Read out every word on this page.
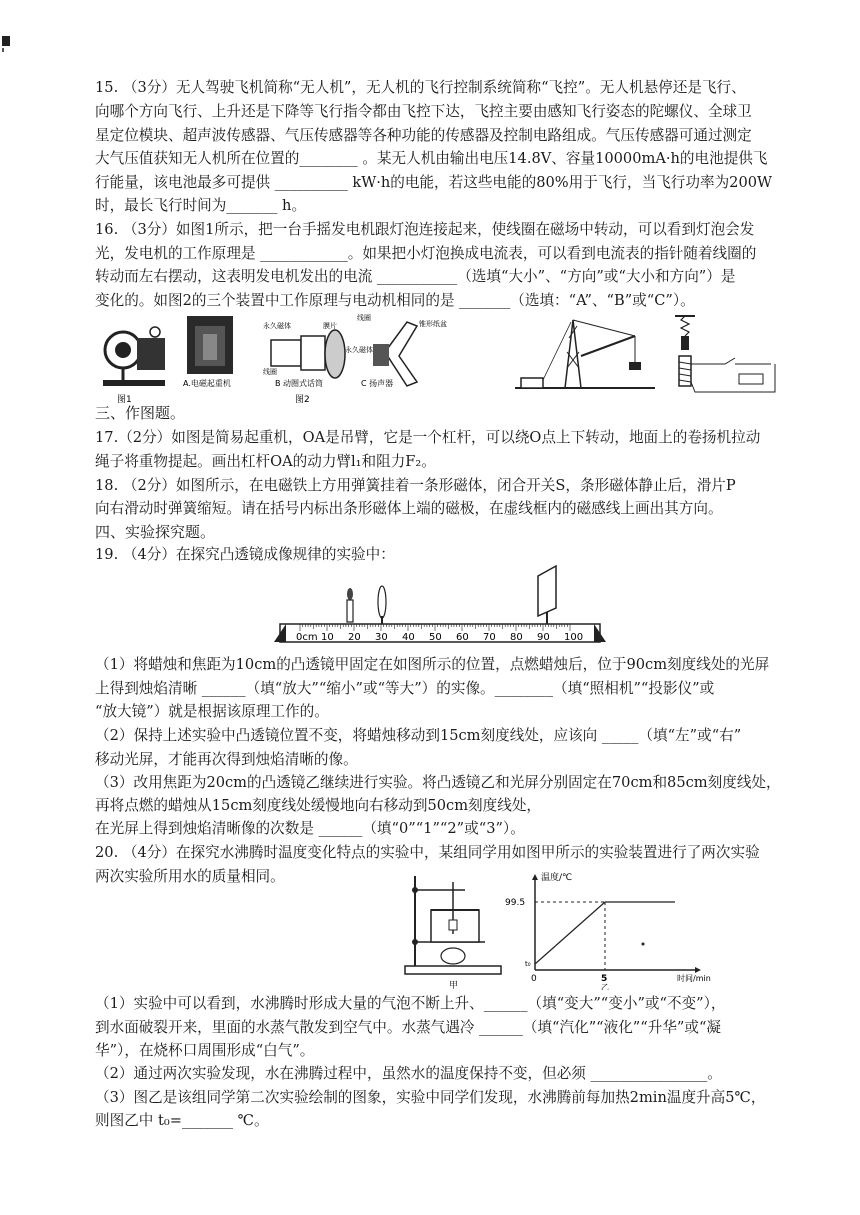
15. （3分）无人驾驶飞机简称“无人机”，无人机的飞行控制系统简称“飞控”。无人机悬停还是飞行、
向哪个方向飞行、上升还是下降等飞行指令都由飞控下达，飞控主要由感知飞行姿态的陀螺仪、全球卫
星定位模块、超声波传感器、气压传感器等各种功能的传感器及控制电路组成。气压传感器可通过测定
大气压值获知无人机所在位置的________ 。某无人机由输出电压14.8V、容量10000mA·h的电池提供飞
行能量，该电池最多可提供 __________ kW·h的电能，若这些电能的80%用于飞行，当飞行功率为200W
时，最长飞行时间为_______ h。
16. （3分）如图1所示，把一台手摇发电机跟灯泡连接起来，使线圈在磁场中转动，可以看到灯泡会发
光，发电机的工作原理是 ____________。如果把小灯泡换成电流表，可以看到电流表的指针随着线圈的
转动而左右摆动，这表明发电机发出的电流 ___________（选填“大小”、“方向”或“大小和方向”）是
变化的。如图2的三个装置中工作原理与电动机相同的是 _______（选填：“A”、“B”或“C”）。
图1
A.电磁起重机
永久磁体
线圈
膜片
B 动圈式话筒
图2
线圈
锥形纸盆
永久磁体
C 扬声器
三、作图题。
17.（2分）如图是简易起重机，OA是吊臂，它是一个杠杆，可以绕O点上下转动，地面上的卷扬机拉动
绳子将重物提起。画出杠杆OA的动力臂l₁和阻力F₂。
18. （2分）如图所示，在电磁铁上方用弹簧挂着一条形磁体，闭合开关S，条形磁体静止后，滑片P
向右滑动时弹簧缩短。请在括号内标出条形磁体上端的磁极，在虚线框内的磁感线上画出其方向。
四、实验探究题。
19. （4分）在探究凸透镜成像规律的实验中：
0cm 10 20 30 40 50 60 70 80 90 100
（1）将蜡烛和焦距为10cm的凸透镜甲固定在如图所示的位置，点燃蜡烛后，位于90cm刻度线处的光屏
上得到烛焰清晰 ______（填“放大”“缩小”或“等大”）的实像。________（填“照相机”“投影仪”或
“放大镜”）就是根据该原理工作的。
（2）保持上述实验中凸透镜位置不变，将蜡烛移动到15cm刻度线处，应该向 _____（填“左”或“右”
移动光屏，才能再次得到烛焰清晰的像。
（3）改用焦距为20cm的凸透镜乙继续进行实验。将凸透镜乙和光屏分别固定在70cm和85cm刻度线处，
再将点燃的蜡烛从15cm刻度线处缓慢地向右移动到50cm刻度线处，
在光屏上得到烛焰清晰像的次数是 ______（填“0”“1”“2”或“3”）。
20. （4分）在探究水沸腾时温度变化特点的实验中，某组同学用如图甲所示的实验装置进行了两次实验
两次实验所用水的质量相同。
甲
温度/℃
99.5
t₀
0	5	时间/min
乙
（1）实验中可以看到，水沸腾时形成大量的气泡不断上升、______（填“变大”“变小”或“不变”），
到水面破裂开来，里面的水蒸气散发到空气中。水蒸气遇冷 ______（填“汽化”“液化”“升华”或“凝
华”），在烧杯口周围形成“白气”。
（2）通过两次实验发现，水在沸腾过程中，虽然水的温度保持不变，但必须 ________________。
（3）图乙是该组同学第二次实验绘制的图象，实验中同学们发现，水沸腾前每加热2min温度升高5℃，
则图乙中 t₀=_______ ℃。
